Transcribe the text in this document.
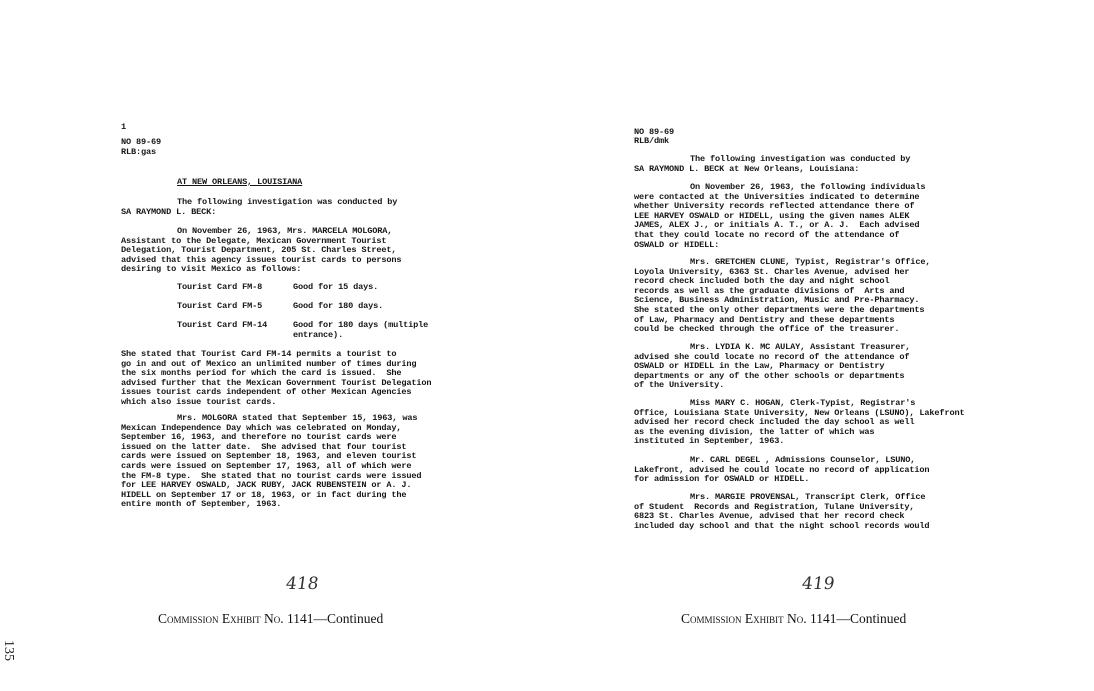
1
NO 89-69
RLB:gas
AT NEW ORLEANS, LOUISIANA
The following investigation was conducted by
SA RAYMOND L. BECK:
On November 26, 1963, Mrs. MARCELA MOLGORA,
Assistant to the Delegate, Mexican Government Tourist
Delegation, Tourist Department, 205 St. Charles Street,
advised that this agency issues tourist cards to persons
desiring to visit Mexico as follows:
Tourist Card FM-8	Good for 15 days.
Tourist Card FM-5	Good for 180 days.
Tourist Card FM-14	Good for 180 days (multiple
entrance).
She stated that Tourist Card FM-14 permits a tourist to
go in and out of Mexico an unlimited number of times during
the six months period for which the card is issued.  She
advised further that the Mexican Government Tourist Delegation
issues tourist cards independent of other Mexican Agencies
which also issue tourist cards.
Mrs. MOLGORA stated that September 15, 1963, was
Mexican Independence Day which was celebrated on Monday,
September 16, 1963, and therefore no tourist cards were
issued on the latter date.  She advised that four tourist
cards were issued on September 18, 1963, and eleven tourist
cards were issued on September 17, 1963, all of which were
the FM-8 type.  She stated that no tourist cards were issued
for LEE HARVEY OSWALD, JACK RUBY, JACK RUBENSTEIN or A. J.
HIDELL on September 17 or 18, 1963, or in fact during the
entire month of September, 1963.
418
Commission Exhibit No. 1141—Continued
NO 89-69
RLB/dmk
The following investigation was conducted by
SA RAYMOND L. BECK at New Orleans, Louisiana:
On November 26, 1963, the following individuals
were contacted at the Universities indicated to determine
whether University records reflected attendance there of
LEE HARVEY OSWALD or HIDELL, using the given names ALEK
JAMES, ALEX J., or initials A. T., or A. J.  Each advised
that they could locate no record of the attendance of
OSWALD or HIDELL:
Mrs. GRETCHEN CLUNE, Typist, Registrar's Office,
Loyola University, 6363 St. Charles Avenue, advised her
record check included both the day and night school
records as well as the graduate divisions of  Arts and
Science, Business Administration, Music and Pre-Pharmacy.
She stated the only other departments were the departments
of Law, Pharmacy and Dentistry and these departments
could be checked through the office of the treasurer.
Mrs. LYDIA K. MC AULAY, Assistant Treasurer,
advised she could locate no record of the attendance of
OSWALD or HIDELL in the Law, Pharmacy or Dentistry
departments or any of the other schools or departments
of the University.
Miss MARY C. HOGAN, Clerk-Typist, Registrar's
Office, Louisiana State University, New Orleans (LSUNO), Lakefront
advised her record check included the day school as well
as the evening division, the latter of which was
instituted in September, 1963.
Mr. CARL DEGEL , Admissions Counselor, LSUNO,
Lakefront, advised he could locate no record of application
for admission for OSWALD or HIDELL.
Mrs. MARGIE PROVENSAL, Transcript Clerk, Office
of Student  Records and Registration, Tulane University,
6823 St. Charles Avenue, advised that her record check
included day school and that the night school records would
419
Commission Exhibit No. 1141—Continued
135
